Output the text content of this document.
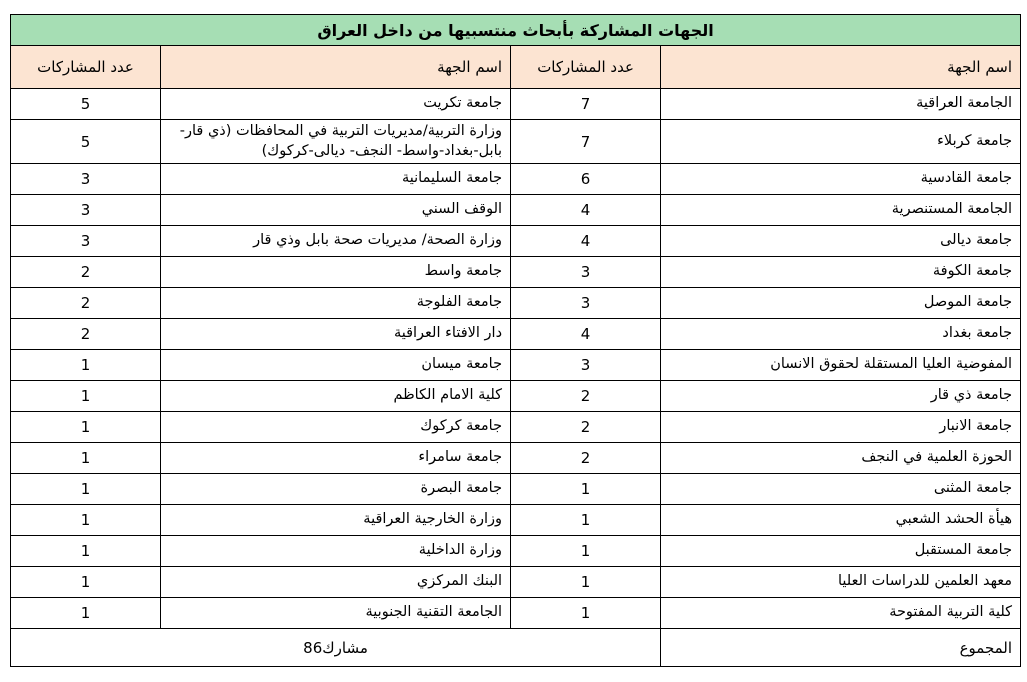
الجهات المشاركة بأبحاث منتسبيها من داخل العراق			
اسم الجهة	عدد المشاركات	اسم الجهة	عدد المشاركات
الجامعة العراقية	7	جامعة تكريت	5
جامعة كربلاء	7	وزارة التربية/مديريات التربية في المحافظات (ذي قار- بابل-بغداد-واسط- النجف- ديالى-كركوك)	5
جامعة القادسية	6	جامعة السليمانية	3
الجامعة المستنصرية	4	الوقف السني	3
جامعة ديالى	4	وزارة الصحة/ مديريات صحة بابل وذي قار	3
جامعة الكوفة	3	جامعة واسط	2
جامعة الموصل	3	جامعة الفلوجة	2
جامعة بغداد	4	دار الافتاء العراقية	2
المفوضية العليا المستقلة لحقوق الانسان	3	جامعة ميسان	1
جامعة ذي قار	2	كلية الامام الكاظم	1
جامعة الانبار	2	جامعة كركوك	1
الحوزة العلمية في النجف	2	جامعة سامراء	1
جامعة المثنى	1	جامعة البصرة	1
هيأة الحشد الشعبي	1	وزارة الخارجية العراقية	1
جامعة المستقبل	1	وزارة الداخلية	1
معهد العلمين للدراسات العليا	1	البنك المركزي	1
كلية التربية المفتوحة	1	الجامعة التقنية الجنوبية	1
المجموع	مشارك86		
